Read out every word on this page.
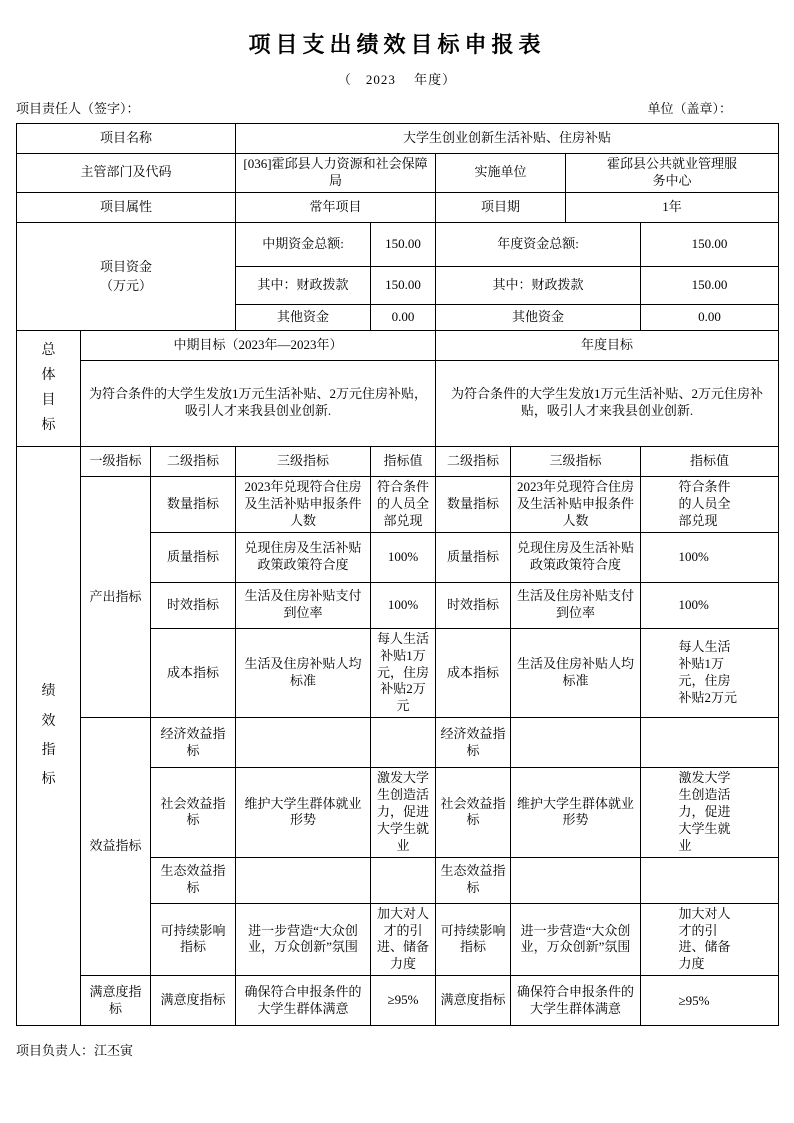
项目支出绩效目标申报表
（　2023　 年度）
项目责任人（签字）：	单位（盖章）：
项目名称	大学生创业创新生活补贴、住房补贴				
主管部门及代码	[036]霍邱县人力资源和社会保障局		实施单位	霍邱县公共就业管理服务中心	
项目属性	常年项目		项目期	1年	
项目资金（万元）	中期资金总额:	150.00	年度资金总额:		150.00
	其中：财政拨款	150.00	其中：财政拨款		150.00
	其他资金	0.00	其他资金		0.00
总体目标	中期目标（2023年—2023年）	年度目标
	为符合条件的大学生发放1万元生活补贴、2万元住房补贴，吸引人才来我县创业创新.	为符合条件的大学生发放1万元生活补贴、2万元住房补贴，吸引人才来我县创业创新.
绩效指标	一级指标	二级指标	三级指标	指标值	二级指标	三级指标	指标值
	产出指标	数量指标	2023年兑现符合住房及生活补贴申报条件人数	符合条件的人员全部兑现	数量指标	2023年兑现符合住房及生活补贴申报条件人数	符合条件的人员全部兑现
		质量指标	兑现住房及生活补贴政策政策符合度	100%	质量指标	兑现住房及生活补贴政策政策符合度	100%
		时效指标	生活及住房补贴支付到位率	100%	时效指标	生活及住房补贴支付到位率	100%
		成本指标	生活及住房补贴人均标准	每人生活补贴1万元，住房补贴2万元	成本指标	生活及住房补贴人均标准	每人生活补贴1万元，住房补贴2万元
	效益指标	经济效益指标			经济效益指标		
		社会效益指标	维护大学生群体就业形势	激发大学生创造活力，促进大学生就业	社会效益指标	维护大学生群体就业形势	激发大学生创造活力，促进大学生就业
		生态效益指标			生态效益指标		
		可持续影响指标	进一步营造“大众创业，万众创新”氛围	加大对人才的引进、储备力度	可持续影响指标	进一步营造“大众创业，万众创新”氛围	加大对人才的引进、储备力度
	满意度指标	满意度指标	确保符合申报条件的大学生群体满意	≥95%	满意度指标	确保符合申报条件的大学生群体满意	≥95%
项目负责人：江丕寅
